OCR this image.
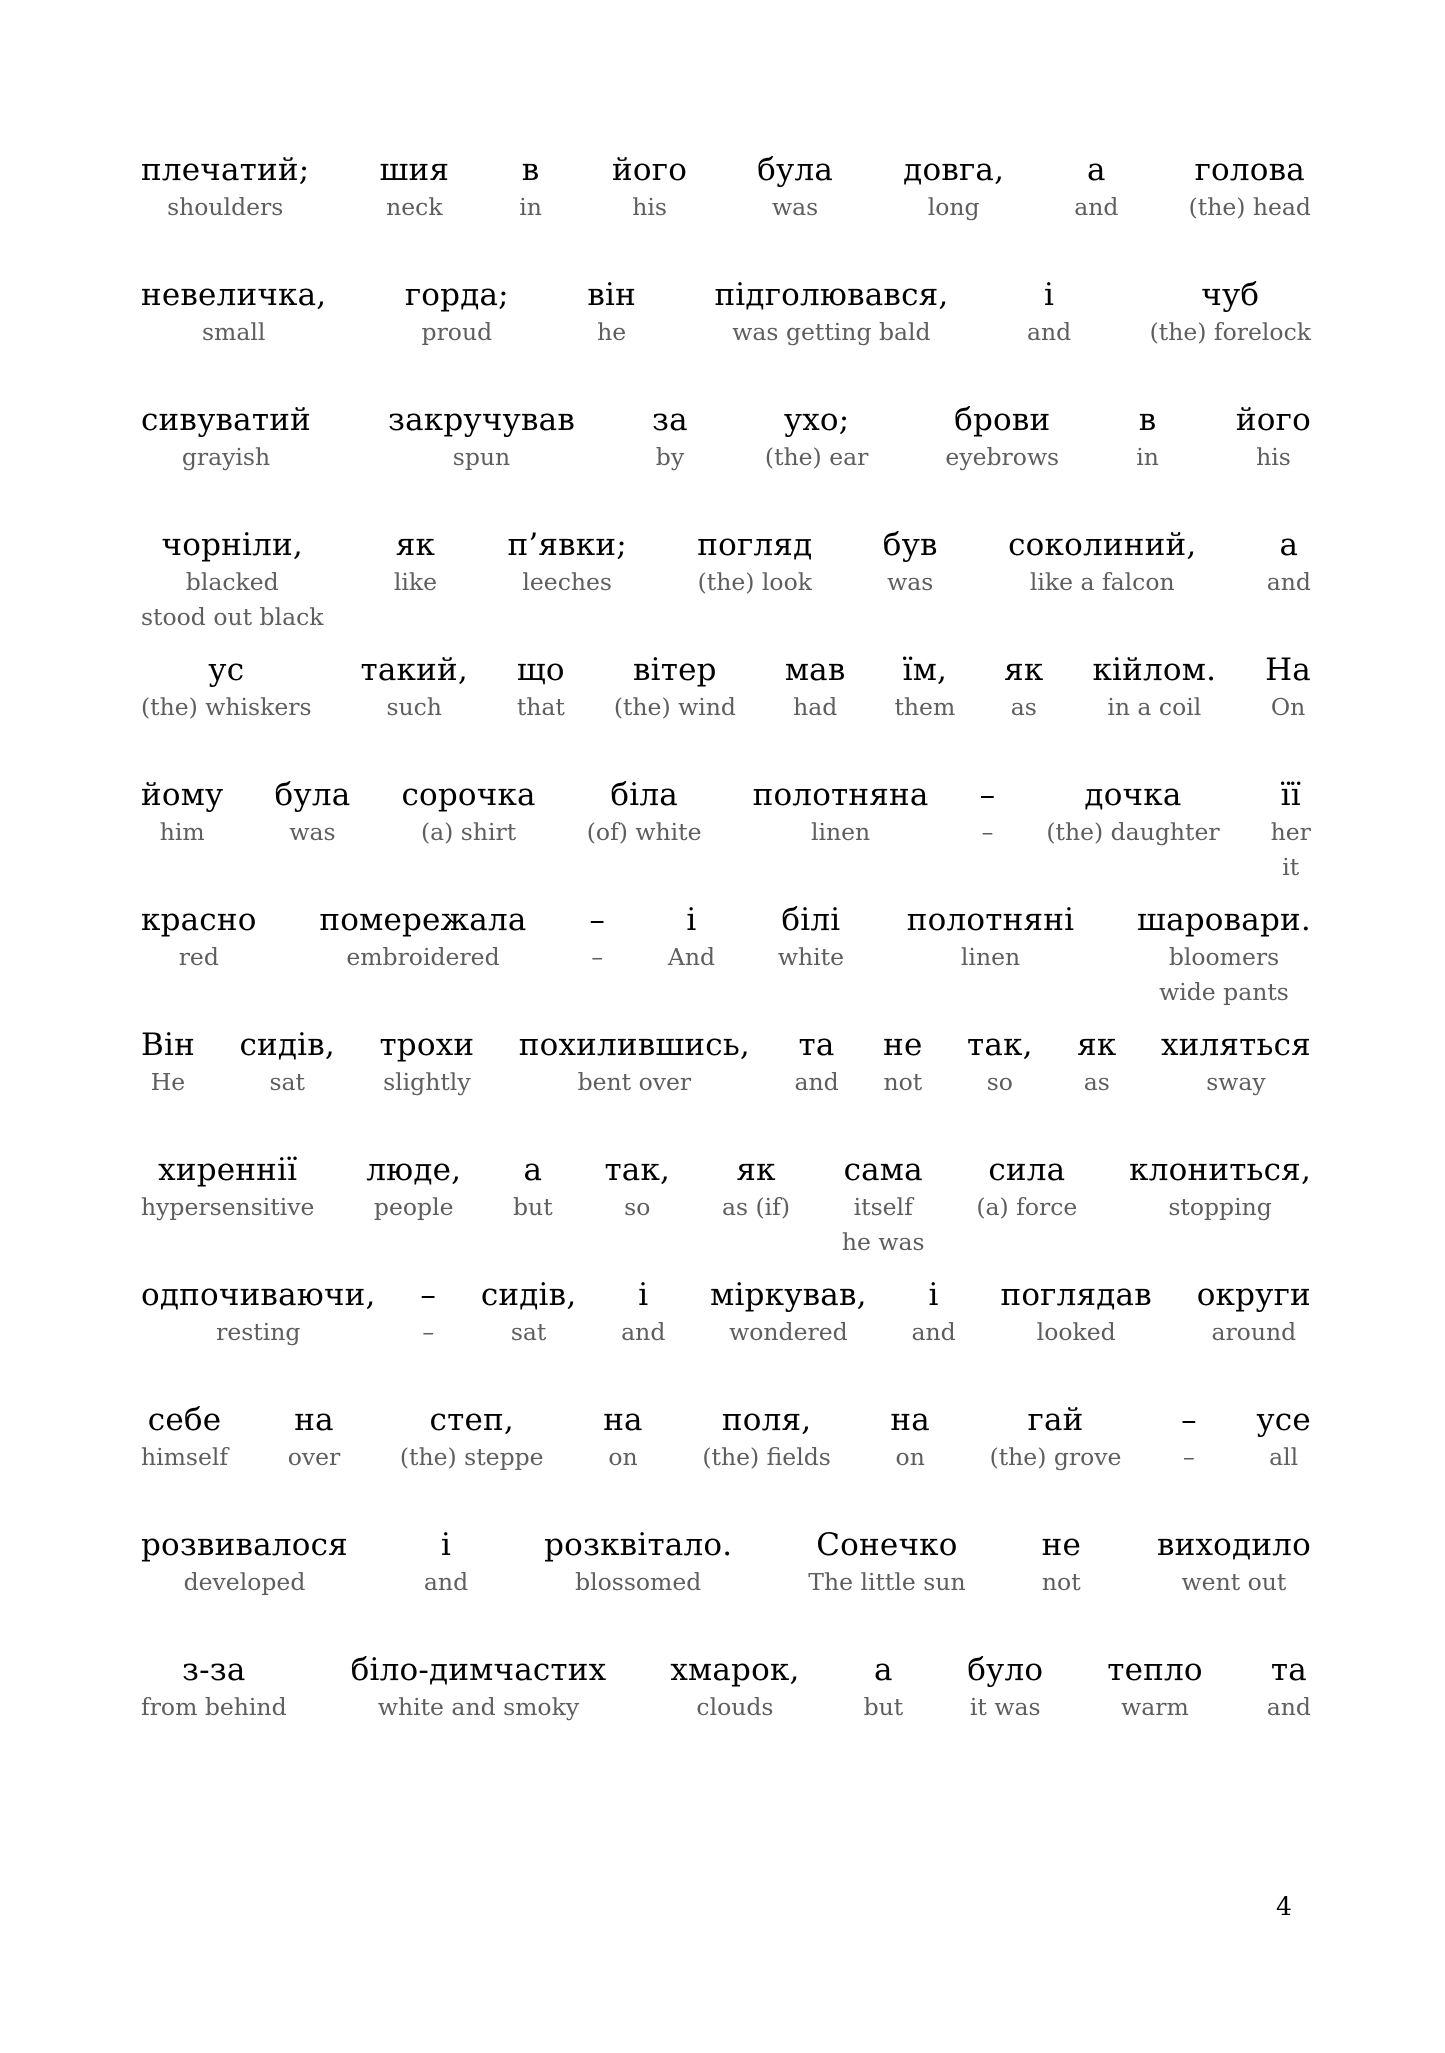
плечатий;
shoulders
шия
neck
в
in
його
his
була
was
довга,
long
а
and
голова
(the) head
невеличка,
small
горда;
proud
він
he
підголювався,
was getting bald
і
and
чуб
(the) forelock
сивуватий
grayish
закручував
spun
за
by
ухо;
(the) ear
брови
eyebrows
в
in
його
his
чорніли,
blacked
stood out black
як
like
п’явки;
leeches
погляд
(the) look
був
was
соколиний,
like a falcon
а
and
ус
(the) whiskers
такий,
such
що
that
вітер
(the) wind
мав
had
їм,
them
як
as
кійлом.
in a coil
На
On
йому
him
була
was
сорочка
(a) shirt
біла
(of) white
полотняна
linen
–
–
дочка
(the) daughter
її
her
it
красно
red
помережала
embroidered
–
–
і
And
білі
white
полотняні
linen
шаровари.
bloomers
wide pants
Він
He
сидів,
sat
трохи
slightly
похилившись,
bent over
та
and
не
not
так,
so
як
as
хиляться
sway
хиреннії
hypersensitive
люде,
people
а
but
так,
so
як
as (if)
сама
itself
he was
сила
(a) force
клониться,
stopping
одпочиваючи,
resting
–
–
сидів,
sat
і
and
міркував,
wondered
і
and
поглядав
looked
округи
around
себе
himself
на
over
степ,
(the) steppe
на
on
поля,
(the) fields
на
on
гай
(the) grove
–
–
усе
all
розвивалося
developed
і
and
розквітало.
blossomed
Сонечко
The little sun
не
not
виходило
went out
з-за
from behind
біло-димчастих
white and smoky
хмарок,
clouds
а
but
було
it was
тепло
warm
та
and
4
